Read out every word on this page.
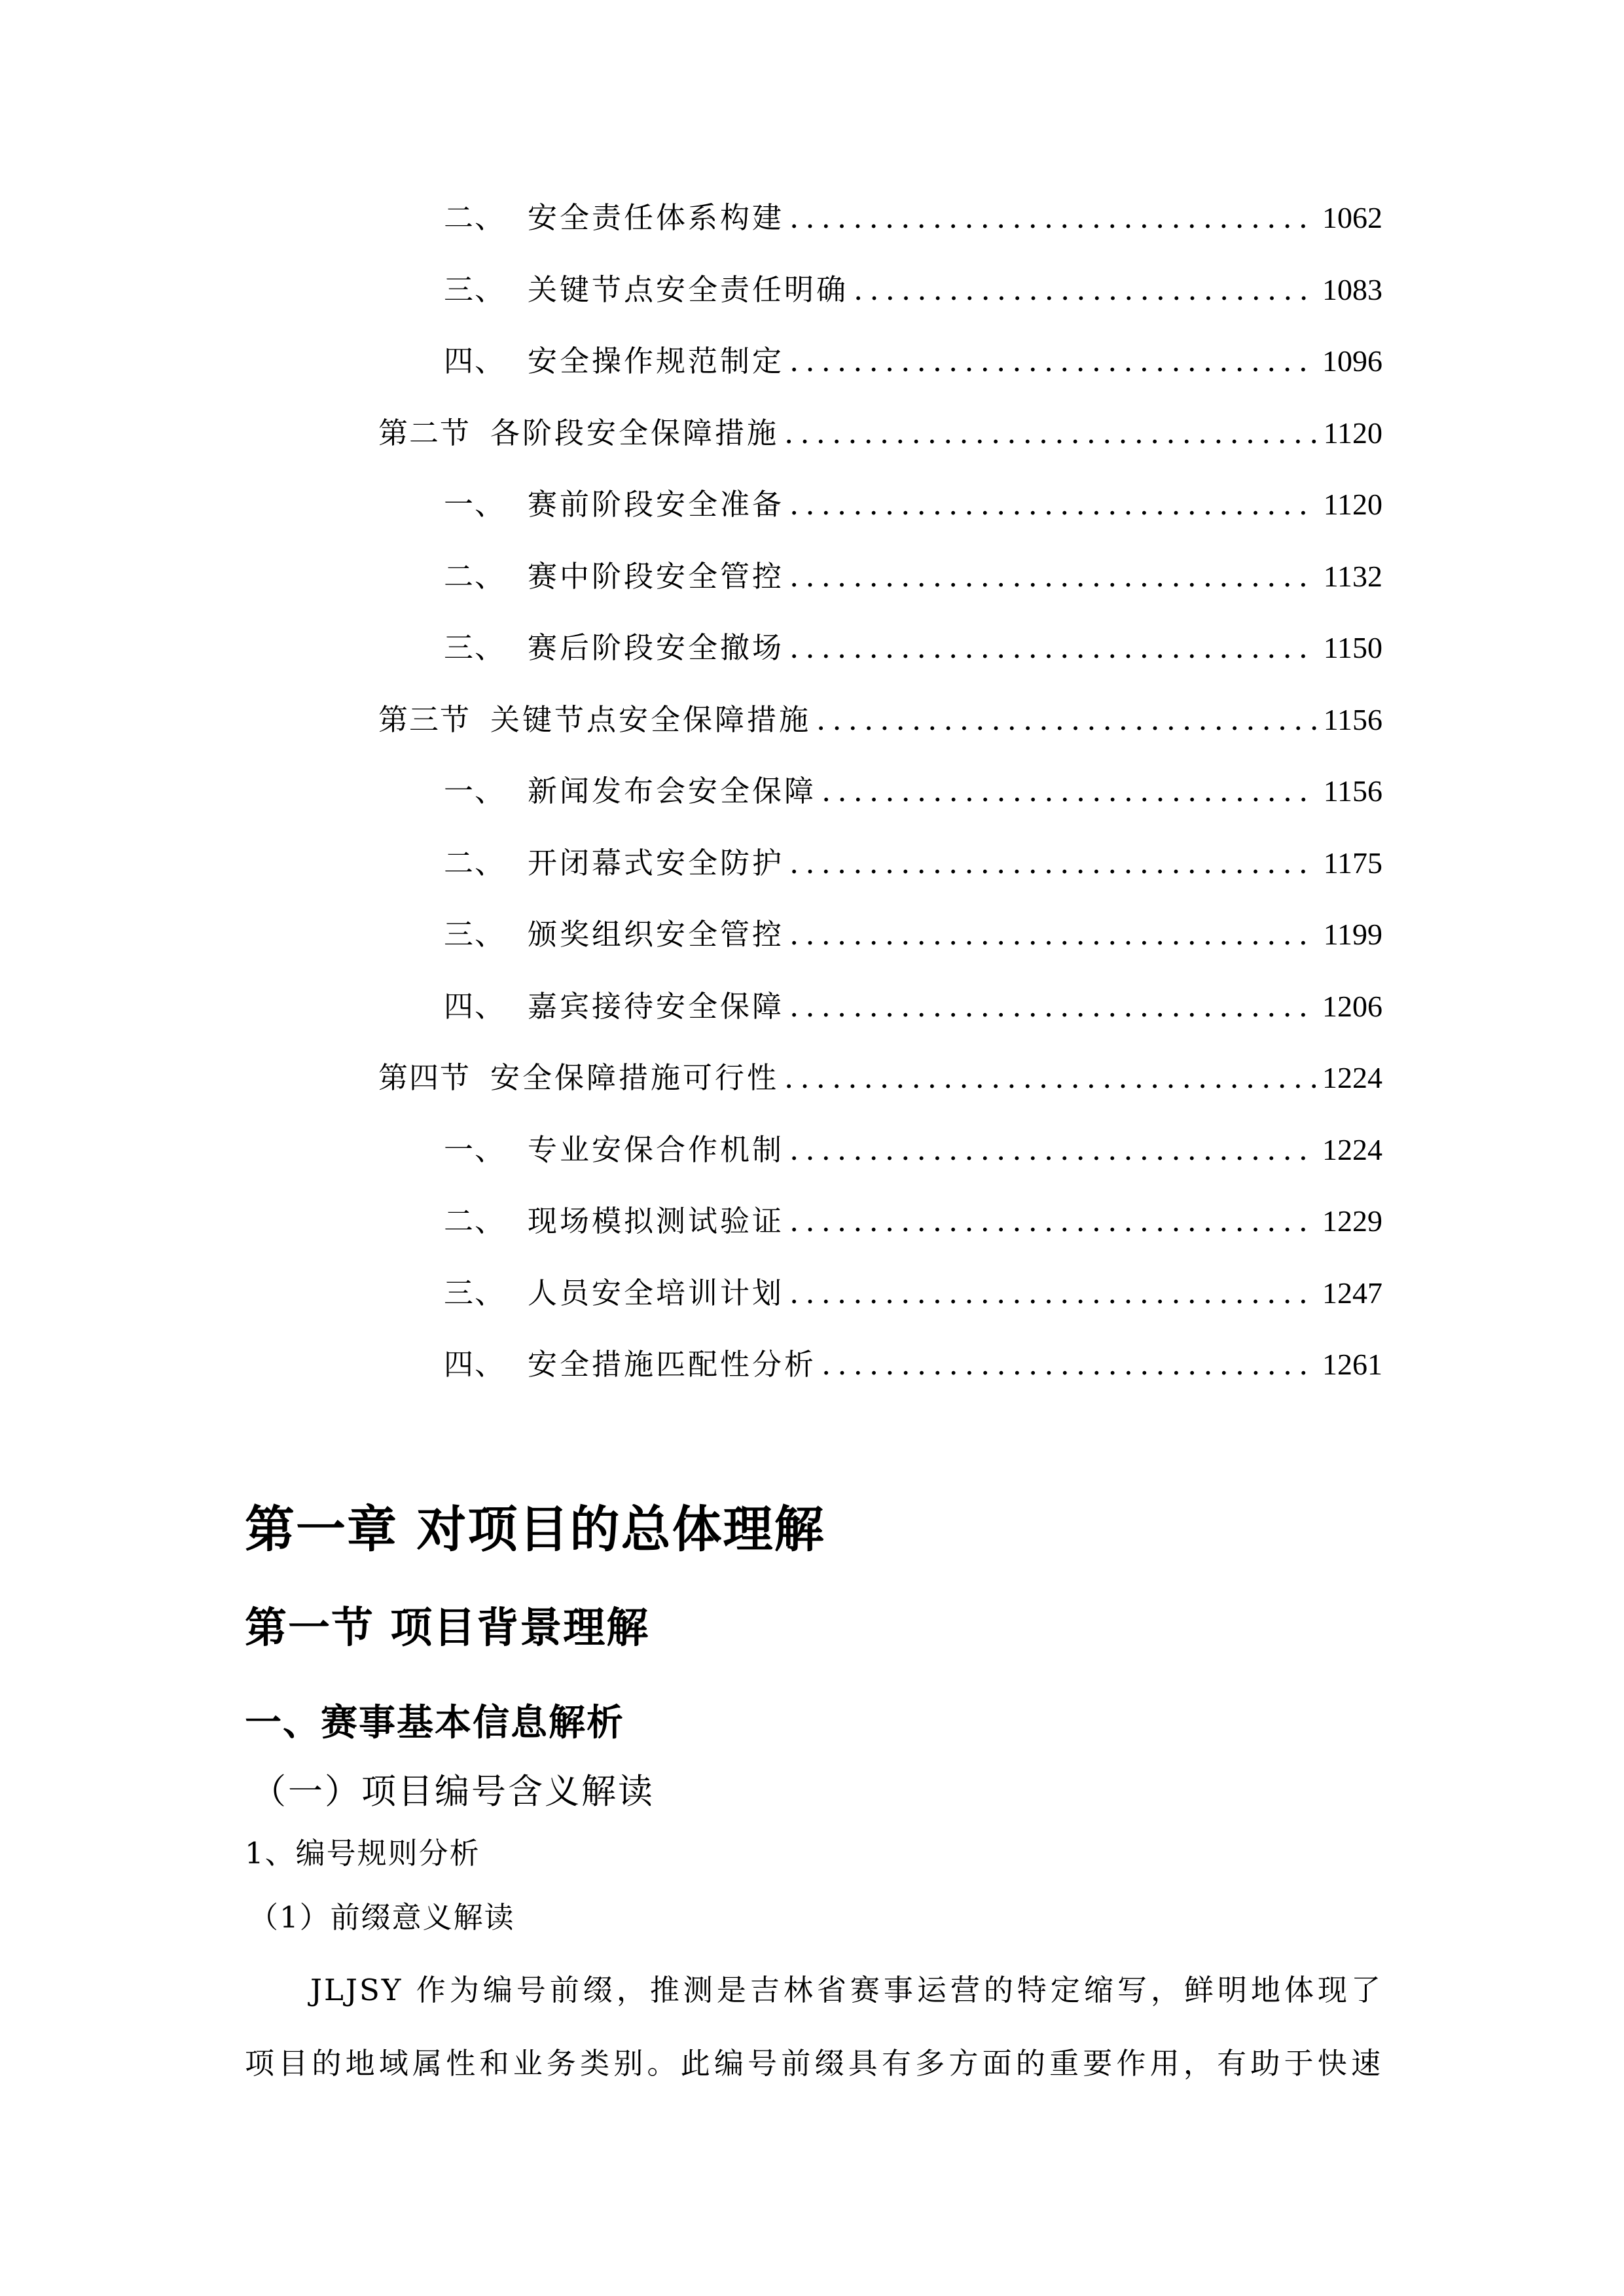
二、 安全责任体系构建 .....	1062
三、 关键节点安全责任明确 .....	1083
四、 安全操作规范制定 .....	1096
第二节 各阶段安全保障措施 .....	1120
一、 赛前阶段安全准备 .....	1120
二、 赛中阶段安全管控 .....	1132
三、 赛后阶段安全撤场 .....	1150
第三节 关键节点安全保障措施 .....	1156
一、 新闻发布会安全保障 .....	1156
二、 开闭幕式安全防护 .....	1175
三、 颁奖组织安全管控 .....	1199
四、 嘉宾接待安全保障 .....	1206
第四节 安全保障措施可行性 .....	1224
一、 专业安保合作机制 .....	1224
二、 现场模拟测试验证 .....	1229
三、 人员安全培训计划 .....	1247
四、 安全措施匹配性分析 .....	1261
第一章 对项目的总体理解
第一节 项目背景理解
一、赛事基本信息解析
（一）项目编号含义解读
1、编号规则分析
（1）前缀意义解读
JLJSY 作为编号前缀，推测是吉林省赛事运营的特定缩写，鲜明地体现了
项目的地域属性和业务类别。此编号前缀具有多方面的重要作用，有助于快速
